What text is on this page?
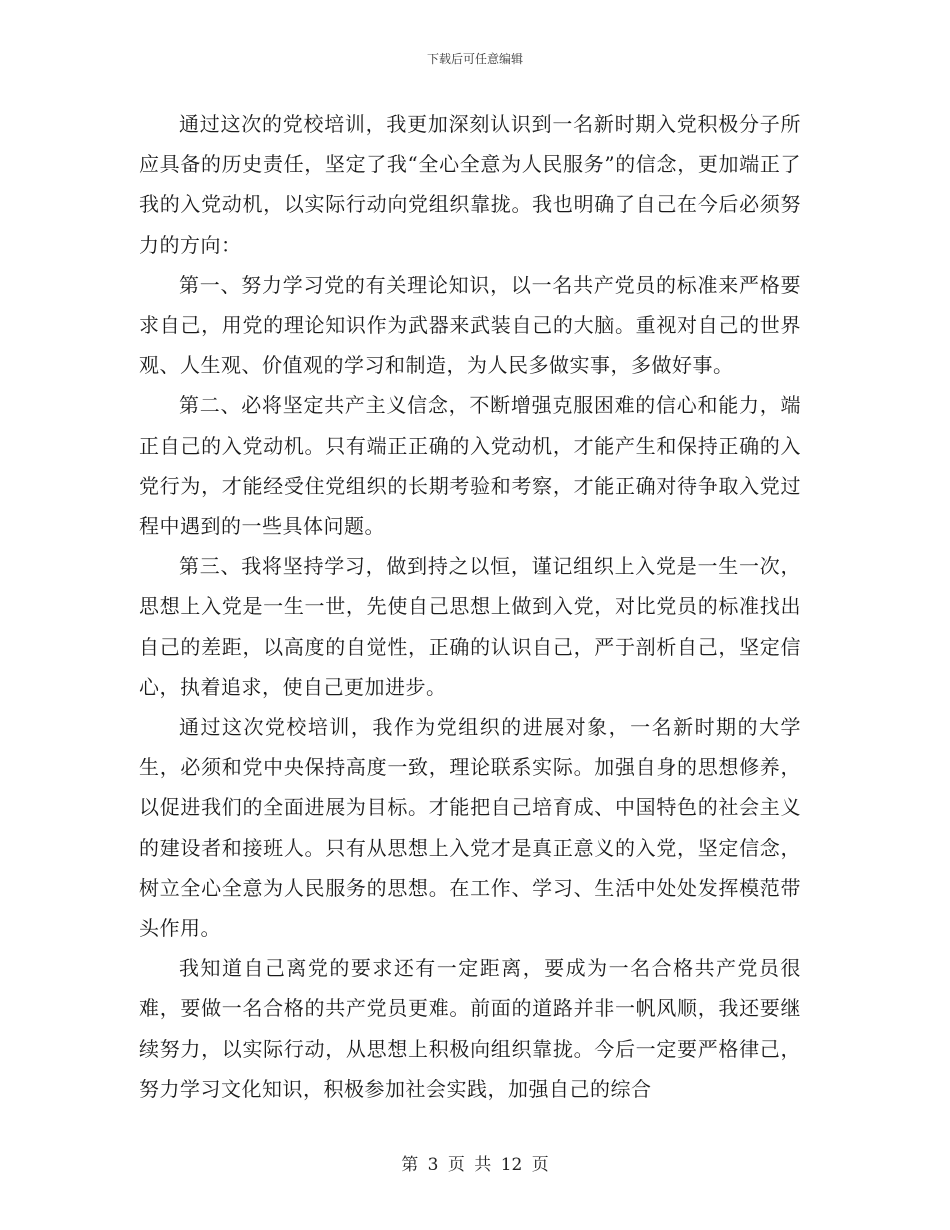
下载后可任意编辑

通过这次的党校培训，我更加深刻认识到一名新时期入党积极分子所应具备的历史责任，坚定了我“全心全意为人民服务”的信念，更加端正了我的入党动机，以实际行动向党组织靠拢。我也明确了自己在今后必须努力的方向：

第一、努力学习党的有关理论知识，以一名共产党员的标准来严格要求自己，用党的理论知识作为武器来武装自己的大脑。重视对自己的世界观、人生观、价值观的学习和制造，为人民多做实事，多做好事。

第二、必将坚定共产主义信念，不断增强克服困难的信心和能力，端正自己的入党动机。只有端正正确的入党动机，才能产生和保持正确的入党行为，才能经受住党组织的长期考验和考察，才能正确对待争取入党过程中遇到的一些具体问题。

第三、我将坚持学习，做到持之以恒，谨记组织上入党是一生一次，思想上入党是一生一世，先使自己思想上做到入党，对比党员的标准找出自己的差距，以高度的自觉性，正确的认识自己，严于剖析自己，坚定信心，执着追求，使自己更加进步。

通过这次党校培训，我作为党组织的进展对象，一名新时期的大学生，必须和党中央保持高度一致，理论联系实际。加强自身的思想修养，以促进我们的全面进展为目标。才能把自己培育成、中国特色的社会主义的建设者和接班人。只有从思想上入党才是真正意义的入党，坚定信念，树立全心全意为人民服务的思想。在工作、学习、生活中处处发挥模范带头作用。

我知道自己离党的要求还有一定距离，要成为一名合格共产党员很难，要做一名合格的共产党员更难。前面的道路并非一帆风顺，我还要继续努力，以实际行动，从思想上积极向组织靠拢。今后一定要严格律己，努力学习文化知识，积极参加社会实践，加强自己的综合

第 3 页 共 12 页
